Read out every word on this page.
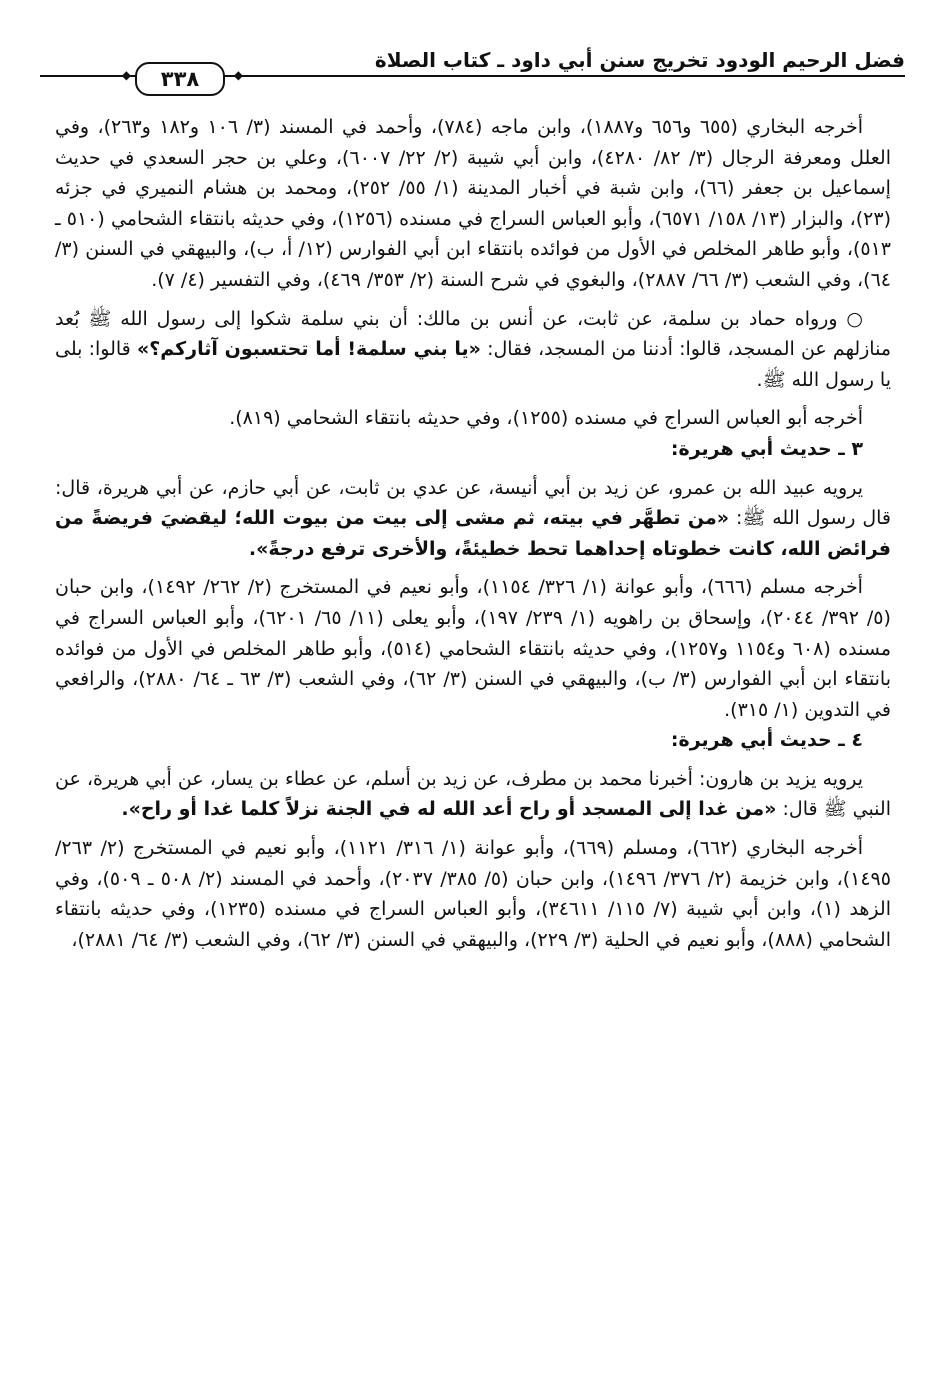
فضل الرحيم الودود تخريج سنن أبي داود ـ كتاب الصلاة
◆	٣٣٨	◆

أخرجه البخاري (٦٥٥ و٦٥٦ و١٨٨٧)، وابن ماجه (٧٨٤)، وأحمد في المسند (٣/ ١٠٦ و١٨٢ و٢٦٣)، وفي العلل ومعرفة الرجال (٣/ ٨٢/ ٤٢٨٠)، وابن أبي شيبة (٢/ ٢٢/ ٦٠٠٧)، وعلي بن حجر السعدي في حديث إسماعيل بن جعفر (٦٦)، وابن شبة في أخبار المدينة (١/ ٥٥/ ٢٥٢)، ومحمد بن هشام النميري في جزئه (٢٣)، والبزار (١٣/ ١٥٨/ ٦٥٧١)، وأبو العباس السراج في مسنده (١٢٥٦)، وفي حديثه بانتقاء الشحامي (٥١٠ ـ ٥١٣)، وأبو طاهر المخلص في الأول من فوائده بانتقاء ابن أبي الفوارس (١٢/ أ، ب)، والبيهقي في السنن (٣/ ٦٤)، وفي الشعب (٣/ ٦٦/ ٢٨٨٧)، والبغوي في شرح السنة (٢/ ٣٥٣/ ٤٦٩)، وفي التفسير (٤/ ٧).

○ ورواه حماد بن سلمة، عن ثابت، عن أنس بن مالك: أن بني سلمة شكوا إلى رسول الله ﷺ بُعد منازلهم عن المسجد، قالوا: أدننا من المسجد، فقال: «يا بني سلمة! أما تحتسبون آثاركم؟» قالوا: بلى يا رسول الله ﷺ.

أخرجه أبو العباس السراج في مسنده (١٢٥٥)، وفي حديثه بانتقاء الشحامي (٨١٩).

٣ ـ حديث أبي هريرة:

يرويه عبيد الله بن عمرو، عن زيد بن أبي أنيسة، عن عدي بن ثابت، عن أبي حازم، عن أبي هريرة، قال: قال رسول الله ﷺ: «من تطهَّر في بيته، ثم مشى إلى بيت من بيوت الله؛ ليقضيَ فريضةً من فرائض الله، كانت خطوتاه إحداهما تحط خطيئةً، والأخرى ترفع درجةً».

أخرجه مسلم (٦٦٦)، وأبو عوانة (١/ ٣٢٦/ ١١٥٤)، وأبو نعيم في المستخرج (٢/ ٢٦٢/ ١٤٩٢)، وابن حبان (٥/ ٣٩٢/ ٢٠٤٤)، وإسحاق بن راهويه (١/ ٢٣٩/ ١٩٧)، وأبو يعلى (١١/ ٦٥/ ٦٢٠١)، وأبو العباس السراج في مسنده (٦٠٨ و١١٥٤ و١٢٥٧)، وفي حديثه بانتقاء الشحامي (٥١٤)، وأبو طاهر المخلص في الأول من فوائده بانتقاء ابن أبي الفوارس (٣/ ب)، والبيهقي في السنن (٣/ ٦٢)، وفي الشعب (٣/ ٦٣ ـ ٦٤/ ٢٨٨٠)، والرافعي في التدوين (١/ ٣١٥).

٤ ـ حديث أبي هريرة:

يرويه يزيد بن هارون: أخبرنا محمد بن مطرف، عن زيد بن أسلم، عن عطاء بن يسار، عن أبي هريرة، عن النبي ﷺ قال: «من غدا إلى المسجد أو راح أعد الله له في الجنة نزلاً كلما غدا أو راح».

أخرجه البخاري (٦٦٢)، ومسلم (٦٦٩)، وأبو عوانة (١/ ٣١٦/ ١١٢١)، وأبو نعيم في المستخرج (٢/ ٢٦٣/ ١٤٩٥)، وابن خزيمة (٢/ ٣٧٦/ ١٤٩٦)، وابن حبان (٥/ ٣٨٥/ ٢٠٣٧)، وأحمد في المسند (٢/ ٥٠٨ ـ ٥٠٩)، وفي الزهد (١)، وابن أبي شيبة (٧/ ١١٥/ ٣٤٦١١)، وأبو العباس السراج في مسنده (١٢٣٥)، وفي حديثه بانتقاء الشحامي (٨٨٨)، وأبو نعيم في الحلية (٣/ ٢٢٩)، والبيهقي في السنن (٣/ ٦٢)، وفي الشعب (٣/ ٦٤/ ٢٨٨١)،
